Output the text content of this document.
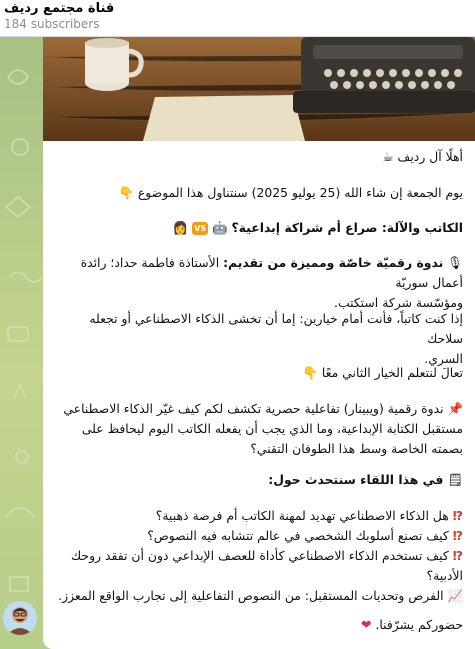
قناة مجتمع رديف
184 subscribers
أهلًا آل رديف ☕
يوم الجمعة إن شاء الله (25 يوليو 2025) سنتناول هذا الموضوع 👇
الكاتب والآلة: صراع أم شراكة إبداعية؟ 🤖 VS 👩
🎙 ندوة رقميّة خاصّة ومميزة من تقديم: الأستاذة فاطمة حداد؛ رائدة أعمال سوريّة
ومؤسّسة شركة استكتب.
إذا كنت كاتباً، فأنت أمام خيارين: إما أن تخشى الذكاء الاصطناعي أو تجعله سلاحك
السري.
تعالَ لنتعلم الخيار الثاني معًا 👇
📌 ندوة رقمية (ويبينار) تفاعلية حصرية تكشف لكم كيف غيّر الذكاء الاصطناعي
مستقبل الكتابة الإبداعية، وما الذي يجب أن يفعله الكاتب اليوم ليحافظ على
بصمته الخاصة وسط هذا الطوفان التقني؟
🗒 في هذا اللقاء سنتحدث حول:
⁉ هل الذكاء الاصطناعي تهديد لمهنة الكاتب أم فرصة ذهبية؟
⁉ كيف تصنع أسلوبك الشخصي في عالم تتشابه فيه النصوص؟
⁉ كيف تستخدم الذكاء الاصطناعي كأداة للعصف الإبداعي دون أن تفقد روحك
الأدبية؟
📈 الفرص وتحديات المستقبل: من النصوص التفاعلية إلى تجارب الواقع المعزز.
حضوركم يشرّفنا. ❤
